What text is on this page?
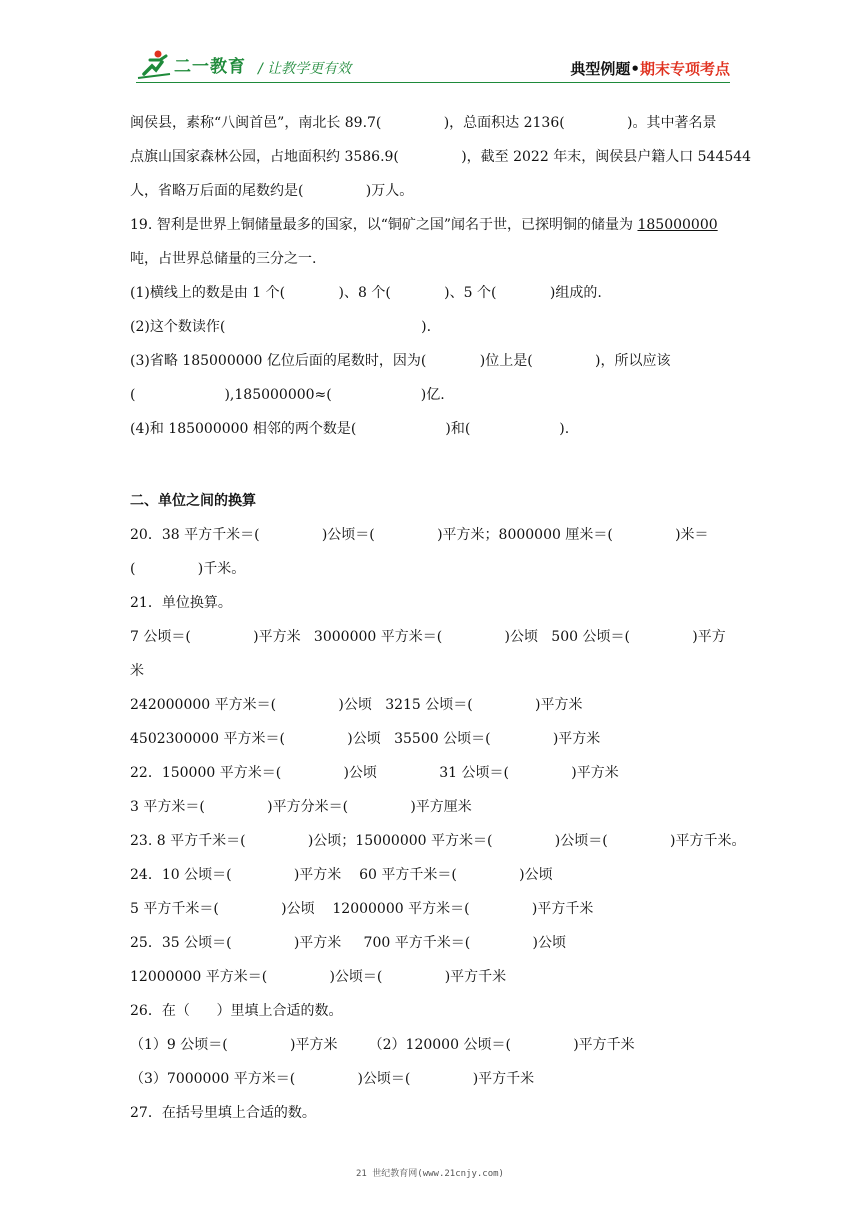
二一教育 / 让教学更有效	典型例题•期末专项考点
闽侯县，素称“八闽首邑”，南北长 89.7(              )，总面积达 2136(              )。其中著名景
点旗山国家森林公园，占地面积约 3586.9(              )，截至 2022 年末，闽侯县户籍人口 544544
人，省略万后面的尾数约是(              )万人。
19. 智利是世界上铜储量最多的国家，以“铜矿之国”闻名于世，已探明铜的储量为 185000000
吨，占世界总储量的三分之一.
(1)横线上的数是由 1 个(            )、8 个(            )、5 个(            )组成的.
(2)这个数读作(                                            ).
(3)省略 185000000 亿位后面的尾数时，因为(            )位上是(              )，所以应该
(                    ),185000000≈(                    )亿.
(4)和 185000000 相邻的两个数是(                    )和(                    ).
二、单位之间的换算
20．38 平方千米＝(              )公顷＝(              )平方米；8000000 厘米＝(              )米＝
(              )千米。
21．单位换算。
7 公顷＝(              )平方米   3000000 平方米＝(              )公顷   500 公顷＝(              )平方
米
242000000 平方米＝(              )公顷   3215 公顷＝(              )平方米
4502300000 平方米＝(              )公顷   35500 公顷＝(              )平方米
22．150000 平方米＝(              )公顷              31 公顷＝(              )平方米
3 平方米＝(              )平方分米＝(              )平方厘米
23. 8 平方千米＝(              )公顷；15000000 平方米＝(              )公顷＝(              )平方千米。
24．10 公顷＝(              )平方米    60 平方千米＝(              )公顷
5 平方千米＝(              )公顷    12000000 平方米＝(              )平方千米
25．35 公顷＝(              )平方米     700 平方千米＝(              )公顷
12000000 平方米＝(              )公顷＝(              )平方千米
26．在（      ）里填上合适的数。
（1）9 公顷＝(              )平方米       （2）120000 公顷＝(              )平方千米
（3）7000000 平方米＝(              )公顷＝(              )平方千米
27．在括号里填上合适的数。
21 世纪教育网(www.21cnjy.com)
